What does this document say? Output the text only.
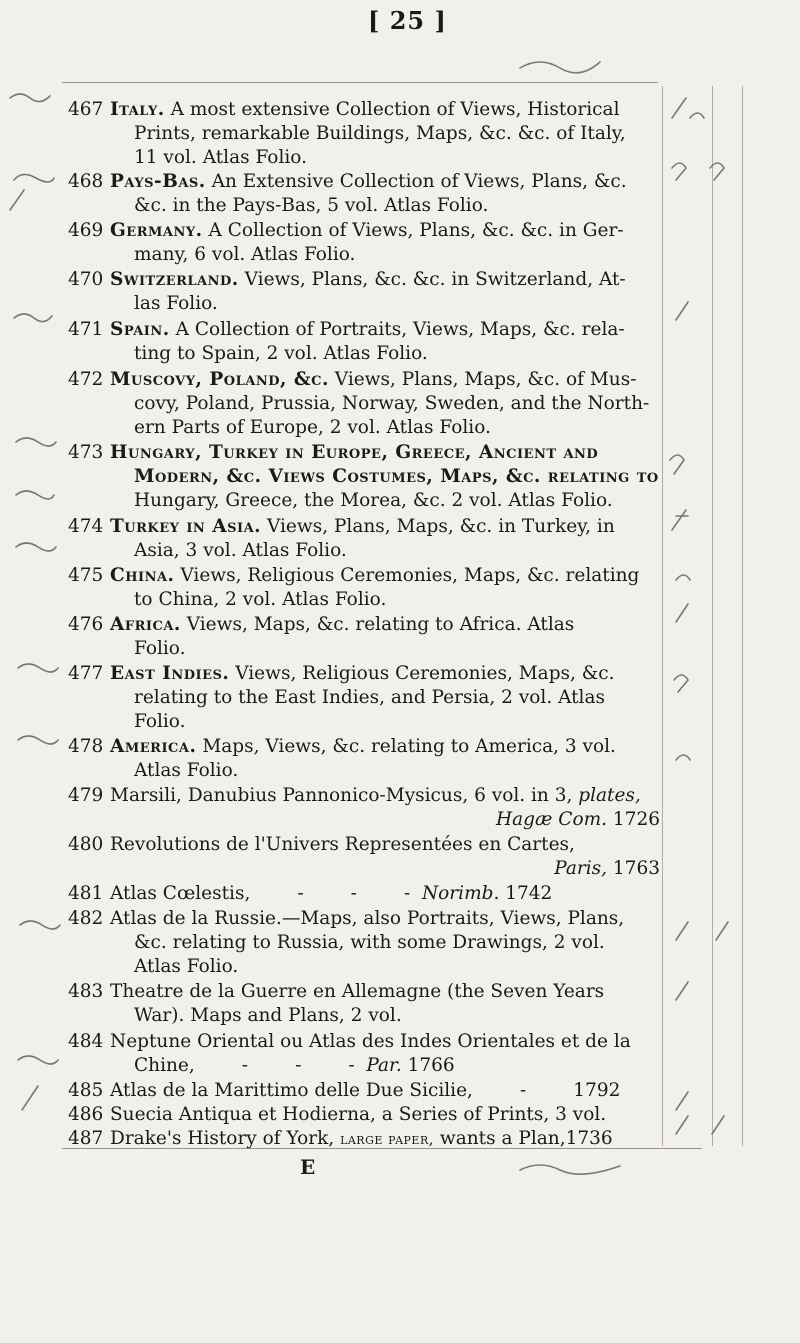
[ 25 ]
467 Italy. A most extensive Collection of Views, Historical
Prints, remarkable Buildings, Maps, &c. &c. of Italy,
11 vol. Atlas Folio.
468 Pays-Bas. An Extensive Collection of Views, Plans, &c.
&c. in the Pays-Bas, 5 vol. Atlas Folio.
469 Germany. A Collection of Views, Plans, &c. &c. in Ger-
many, 6 vol. Atlas Folio.
470 Switzerland. Views, Plans, &c. &c. in Switzerland, At-
las Folio.
471 Spain. A Collection of Portraits, Views, Maps, &c. rela-
ting to Spain, 2 vol. Atlas Folio.
472 Muscovy, Poland, &c. Views, Plans, Maps, &c. of Mus-
covy, Poland, Prussia, Norway, Sweden, and the North-
ern Parts of Europe, 2 vol. Atlas Folio.
473 Hungary, Turkey in Europe, Greece, Ancient and
Modern, &c. Views Costumes, Maps, &c. relating to
Hungary, Greece, the Morea, &c. 2 vol. Atlas Folio.
474 Turkey in Asia. Views, Plans, Maps, &c. in Turkey, in
Asia, 3 vol. Atlas Folio.
475 China. Views, Religious Ceremonies, Maps, &c. relating
to China, 2 vol. Atlas Folio.
476 Africa. Views, Maps, &c. relating to Africa. Atlas
Folio.
477 East Indies. Views, Religious Ceremonies, Maps, &c.
relating to the East Indies, and Persia, 2 vol. Atlas
Folio.
478 America. Maps, Views, &c. relating to America, 3 vol.
Atlas Folio.
479 Marsili, Danubius Pannonico-Mysicus, 6 vol. in 3, plates,
Hagæ Com. 1726
480 Revolutions de l'Univers Representées en Cartes,
Paris, 1763
481 Atlas Cœlestis,        -        -        - Norimb. 1742
482 Atlas de la Russie.—Maps, also Portraits, Views, Plans,
&c. relating to Russia, with some Drawings, 2 vol.
Atlas Folio.
483 Theatre de la Guerre en Allemagne (the Seven Years
War). Maps and Plans, 2 vol.
484 Neptune Oriental ou Atlas des Indes Orientales et de la
Chine,        -        -        - Par. 1766
485 Atlas de la Marittimo delle Due Sicilie,        -	1792
486 Suecia Antiqua et Hodierna, a Series of Prints, 3 vol.
487 Drake's History of York, large paper, wants a Plan,1736
E
